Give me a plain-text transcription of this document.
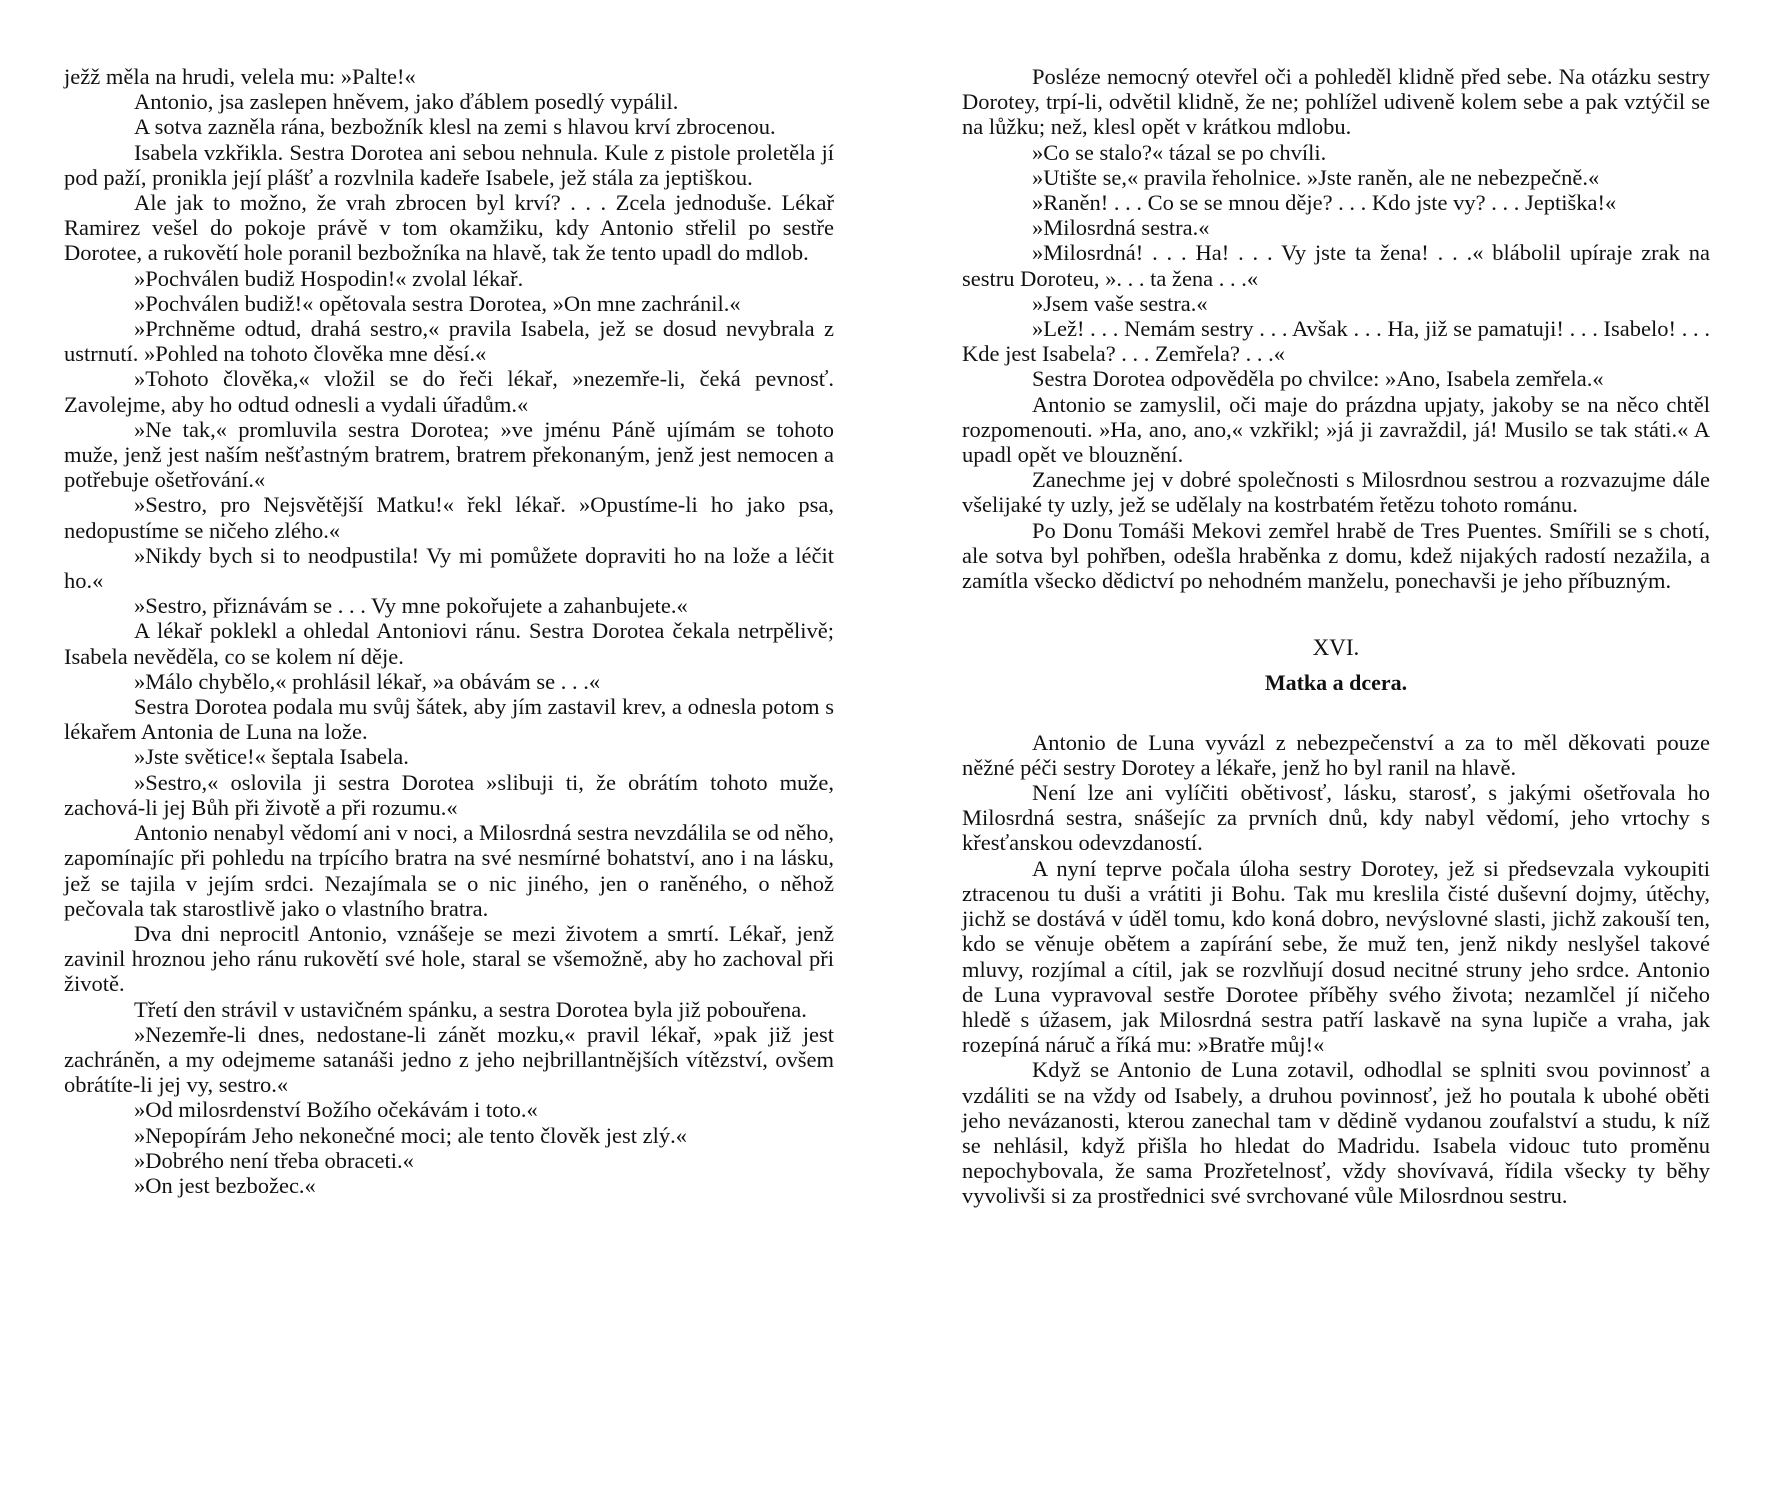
ježž měla na hrudi, velela mu: »Palte!«

Antonio, jsa zaslepen hněvem, jako ďáblem posedlý vypálil.

A sotva zazněla rána, bezbožník klesl na zemi s hlavou krví zbrocenou.

Isabela vzkřikla. Sestra Dorotea ani sebou nehnula. Kule z pistole proletěla jí pod paží, pronikla její plášť a rozvlnila kadeře Isabele, jež stála za jeptiškou.

Ale jak to možno, že vrah zbrocen byl krví? . . . Zcela jednoduše. Lékař Ramirez vešel do pokoje právě v tom okamžiku, kdy Antonio střelil po sestře Dorotee, a rukovětí hole poranil bezbožníka na hlavě, tak že tento upadl do mdlob.

»Pochválen budiž Hospodin!« zvolal lékař.

»Pochválen budiž!« opětovala sestra Dorotea, »On mne zachránil.«

»Prchněme odtud, drahá sestro,« pravila Isabela, jež se dosud nevybrala z ustrnutí. »Pohled na tohoto člověka mne děsí.«

»Tohoto člověka,« vložil se do řeči lékař, »nezemře-li, čeká pevnosť. Zavolejme, aby ho odtud odnesli a vydali úřadům.«

»Ne tak,« promluvila sestra Dorotea; »ve jménu Páně ujímám se tohoto muže, jenž jest naším nešťastným bratrem, bratrem překonaným, jenž jest nemocen a potřebuje ošetřování.«

»Sestro, pro Nejsvětější Matku!« řekl lékař. »Opustíme-li ho jako psa, nedopustíme se ničeho zlého.«

»Nikdy bych si to neodpustila! Vy mi pomůžete dopraviti ho na lože a léčit ho.«

»Sestro, přiznávám se . . . Vy mne pokořujete a zahanbujete.«

A lékař poklekl a ohledal Antoniovi ránu. Sestra Dorotea čekala netrpělivě; Isabela nevěděla, co se kolem ní děje.

»Málo chybělo,« prohlásil lékař, »a obávám se . . .«

Sestra Dorotea podala mu svůj šátek, aby jím zastavil krev, a odnesla potom s lékařem Antonia de Luna na lože.

»Jste světice!« šeptala Isabela.

»Sestro,« oslovila ji sestra Dorotea »slibuji ti, že obrátím tohoto muže, zachová-li jej Bůh při životě a při rozumu.«

Antonio nenabyl vědomí ani v noci, a Milosrdná sestra nevzdálila se od něho, zapomínajíc při pohledu na trpícího bratra na své nesmírné bohatství, ano i na lásku, jež se tajila v jejím srdci. Nezajímala se o nic jiného, jen o raněného, o něhož pečovala tak starostlivě jako o vlastního bratra.

Dva dni neprocitl Antonio, vznášeje se mezi životem a smrtí. Lékař, jenž zavinil hroznou jeho ránu rukovětí své hole, staral se všemožně, aby ho zachoval při životě.

Třetí den strávil v ustavičném spánku, a sestra Dorotea byla již pobouřena.

»Nezemře-li dnes, nedostane-li zánět mozku,« pravil lékař, »pak již jest zachráněn, a my odejmeme satanáši jedno z jeho nejbrillantnějších vítězství, ovšem obrátíte-li jej vy, sestro.«

»Od milosrdenství Božího očekávám i toto.«

»Nepopírám Jeho nekonečné moci; ale tento člověk jest zlý.«

»Dobrého není třeba obraceti.«

»On jest bezbožec.«

Posléze nemocný otevřel oči a pohleděl klidně před sebe. Na otázku sestry Dorotey, trpí-li, odvětil klidně, že ne; pohlížel udiveně kolem sebe a pak vztýčil se na lůžku; než, klesl opět v krátkou mdlobu.

»Co se stalo?« tázal se po chvíli.

»Utište se,« pravila řeholnice. »Jste raněn, ale ne nebezpečně.«

»Raněn! . . . Co se se mnou děje? . . . Kdo jste vy? . . . Jeptiška!«

»Milosrdná sestra.«

»Milosrdná! . . . Ha! . . . Vy jste ta žena! . . .« blábolil upíraje zrak na sestru Doroteu, ». . . ta žena . . .«

»Jsem vaše sestra.«

»Lež! . . . Nemám sestry . . . Avšak . . . Ha, již se pamatuji! . . . Isabelo! . . . Kde jest Isabela? . . . Zemřela? . . .«

Sestra Dorotea odpověděla po chvilce: »Ano, Isabela zemřela.«

Antonio se zamyslil, oči maje do prázdna upjaty, jakoby se na něco chtěl rozpomenouti. »Ha, ano, ano,« vzkřikl; »já ji zavraždil, já! Musilo se tak státi.« A upadl opět ve blouznění.

Zanechme jej v dobré společnosti s Milosrdnou sestrou a rozvazujme dále všelijaké ty uzly, jež se udělaly na kostrbatém řetězu tohoto románu.

Po Donu Tomáši Mekovi zemřel hrabě de Tres Puentes. Smířili se s chotí, ale sotva byl pohřben, odešla hraběnka z domu, kdež nijakých radostí nezažila, a zamítla všecko dědictví po nehodném manželu, ponechavši je jeho příbuzným.

XVI.
Matka a dcera.

Antonio de Luna vyvázl z nebezpečenství a za to měl děkovati pouze něžné péči sestry Dorotey a lékaře, jenž ho byl ranil na hlavě.

Není lze ani vylíčiti obětivosť, lásku, starosť, s jakými ošetřovala ho Milosrdná sestra, snášejíc za prvních dnů, kdy nabyl vědomí, jeho vrtochy s křesťanskou odevzdaností.

A nyní teprve počala úloha sestry Dorotey, jež si předsevzala vykoupiti ztracenou tu duši a vrátiti ji Bohu. Tak mu kreslila čisté duševní dojmy, útěchy, jichž se dostává v úděl tomu, kdo koná dobro, nevýslovné slasti, jichž zakouší ten, kdo se věnuje obětem a zapírání sebe, že muž ten, jenž nikdy neslyšel takové mluvy, rozjímal a cítil, jak se rozvlňují dosud necitné struny jeho srdce. Antonio de Luna vypravoval sestře Dorotee příběhy svého života; nezamlčel jí ničeho hledě s úžasem, jak Milosrdná sestra patří laskavě na syna lupiče a vraha, jak rozepíná náruč a říká mu: »Bratře můj!«

Když se Antonio de Luna zotavil, odhodlal se splniti svou povinnosť a vzdáliti se na vždy od Isabely, a druhou povinnosť, jež ho poutala k ubohé oběti jeho nevázanosti, kterou zanechal tam v dědině vydanou zoufalství a studu, k níž se nehlásil, když přišla ho hledat do Madridu. Isabela vidouc tuto proměnu nepochybovala, že sama Prozřetelnosť, vždy shovívavá, řídila všecky ty běhy vyvolivši si za prostřednici své svrchované vůle Milosrdnou sestru.
